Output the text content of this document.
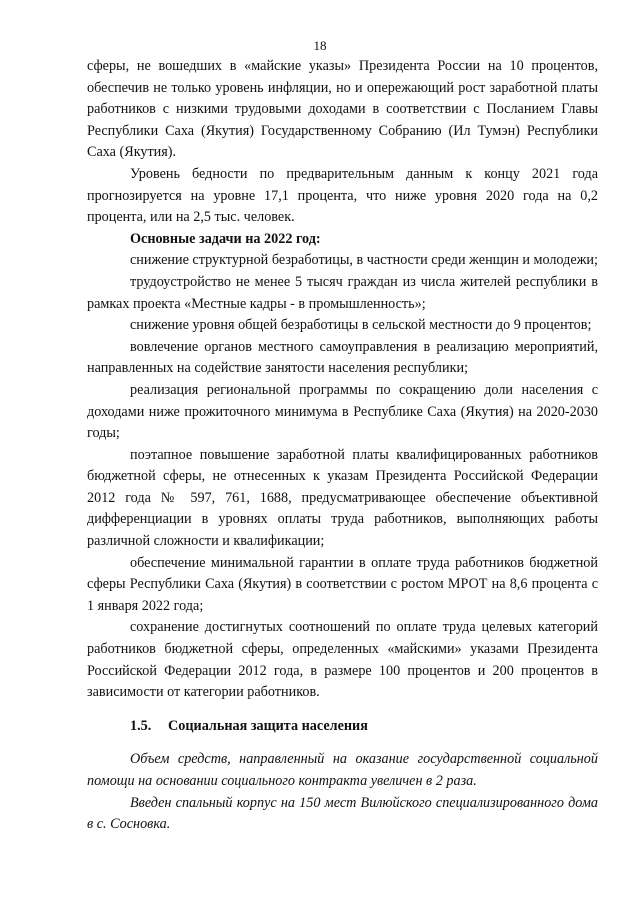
18

сферы, не вошедших в «майские указы» Президента России на 10 процентов, обеспечив не только уровень инфляции, но и опережающий рост заработной платы работников с низкими трудовыми доходами в соответствии с Посланием Главы Республики Саха (Якутия) Государственному Собранию (Ил Тумэн) Республики Саха (Якутия).

Уровень бедности по предварительным данным к концу 2021 года прогнозируется на уровне 17,1 процента, что ниже уровня 2020 года на 0,2 процента, или на 2,5 тыс. человек.

Основные задачи на 2022 год:

снижение структурной безработицы, в частности среди женщин и молодежи;

трудоустройство не менее 5 тысяч граждан из числа жителей республики в рамках проекта «Местные кадры - в промышленность»;

снижение уровня общей безработицы в сельской местности до 9 процентов;

вовлечение органов местного самоуправления в реализацию мероприятий, направленных на содействие занятости населения республики;

реализация региональной программы по сокращению доли населения с доходами ниже прожиточного минимума в Республике Саха (Якутия) на 2020-2030 годы;

поэтапное повышение заработной платы квалифицированных работников бюджетной сферы, не отнесенных к указам Президента Российской Федерации 2012 года № 597, 761, 1688, предусматривающее обеспечение объективной дифференциации в уровнях оплаты труда работников, выполняющих работы различной сложности и квалификации;

обеспечение минимальной гарантии в оплате труда работников бюджетной сферы Республики Саха (Якутия) в соответствии с ростом МРОТ на 8,6 процента с 1 января 2022 года;

сохранение достигнутых соотношений по оплате труда целевых категорий работников бюджетной сферы, определенных «майскими» указами Президента Российской Федерации 2012 года, в размере 100 процентов и 200 процентов в зависимости от категории работников.

1.5. Социальная защита населения

Объем средств, направленный на оказание государственной социальной помощи на основании социального контракта увеличен в 2 раза.

Введен спальный корпус на 150 мест Вилюйского специализированного дома в с. Сосновка.
